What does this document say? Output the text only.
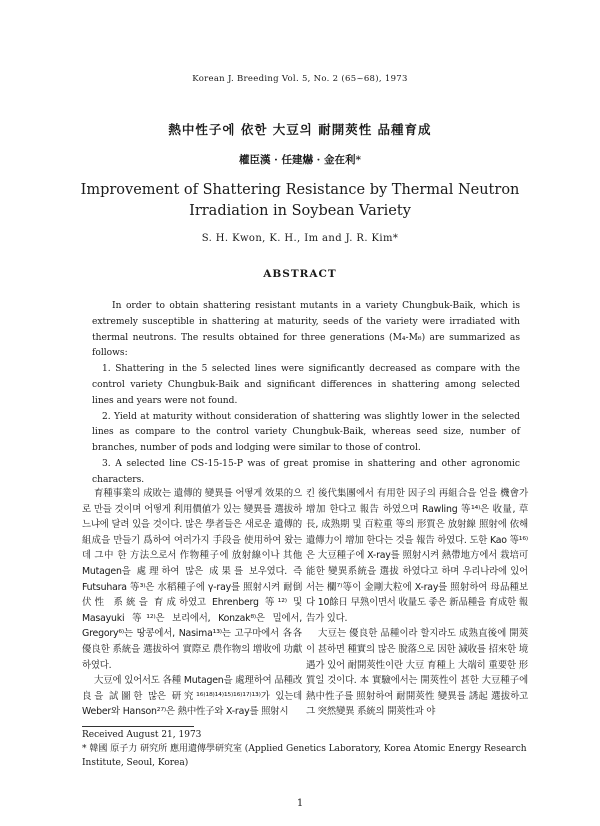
Korean J. Breeding Vol. 5, No. 2 (65~68), 1973
熱中性子에 依한 大豆의 耐開莢性 品種育成
權臣漢 · 任建爀 · 金在利*
Improvement of Shattering Resistance by Thermal Neutron
Irradiation in Soybean Variety
S. H. Kwon, K. H., Im and J. R. Kim*
ABSTRACT

In order to obtain shattering resistant mutants in a variety Chungbuk-Baik, which is extremely susceptible in shattering at maturity, seeds of the variety were irradiated with thermal neutrons. The results obtained for three generations (M₄-M₆) are summarized as follows:

1. Shattering in the 5 selected lines were significantly decreased as compare with the control variety Chungbuk-Baik and significant differences in shattering among selected lines and years were not found.

2. Yield at maturity without consideration of shattering was slightly lower in the selected lines as compare to the control variety Chungbuk-Baik, whereas seed size, number of branches, number of pods and lodging were similar to those of control.

3. A selected line CS-15-15-P was of great promise in shattering and other agronomic characters.

育種事業의 成敗는 遺傳的 變異를 어떻게 效果的으로 만들 것이며 어떻게 利用價値가 있는 變異를 選拔하느냐에 달려 있을 것이다. 많은 學者들은 새로운 遺傳的 組成을 만들기 爲하여 여러가지 手段을 使用하여 왔는데 그中 한 方法으로서 作物種子에 放射線이나 其他 Mutagen을 處理하여 많은 成果를 보우였다. 즉 Futsuhara 等³⁾은 水稻種子에 γ-ray를 照射시켜 耐倒伏性 系統을 育成하였고 Ehrenberg 等¹²⁾ 및 Masayuki 等¹²⁾은 보리에서, Konzak⁸⁾은 밀에서, Gregory⁶⁾는 땅콩에서, Nasima¹³⁾는 고구마에서 各各 優良한 系統을 選拔하여 實際로 農作物의 增收에 功獻 하였다.

大豆에 있어서도 各種 Mutagen을 處理하여 品種改良을 試圖한 많은 研究¹⁶⁾¹⁸⁾¹⁴⁾¹⁵⁾¹⁶⁾¹⁷⁾¹³⁾가 있는데 Weber와 Hanson²⁷⁾은 熱中性子와 X-ray를 照射시

킨 後代集團에서 有用한 因子의 再組合을 얻을 機會가 增加 한다고 報告 하였으며 Rawling 等¹⁴⁾은 收量, 草長, 成熟期 및 百粒重 等의 形質은 放射線 照射에 依해 遺傳力이 增加 한다는 것을 報告 하였다. 도한 Kao 等¹⁶⁾은 大豆種子에 X-ray를 照射시켜 熱帶地方에서 栽培可能한 變異系統을 選拔 하였다고 하며 우리나라에 있어서는 欄⁷⁾等이 金剛大粒에 X-ray를 照射하여 母品種보다 10餘日 早熟이면서 收量도 좋은 新品種을 育成한 報告가 있다.

大豆는 優良한 品種이라 할지라도 成熟直後에 開莢이 甚하면 種實의 많은 脫落으로 因한 減收를 招來한 境遇가 있어 耐開莢性이란 大豆 育種上 大端히 重要한 形質일 것이다. 本 實驗에서는 開莢性이 甚한 大豆種子에 熱中性子를 照射하여 耐開莢性 變異를 誘起 選拔하고 그 突然變異 系統의 開莢性과 야

Received August 21, 1973
* 韓國 原子力 研究所 應用遺傳學研究室 (Applied Genetics Laboratory, Korea Atomic Energy Research Institute, Seoul, Korea)
1
